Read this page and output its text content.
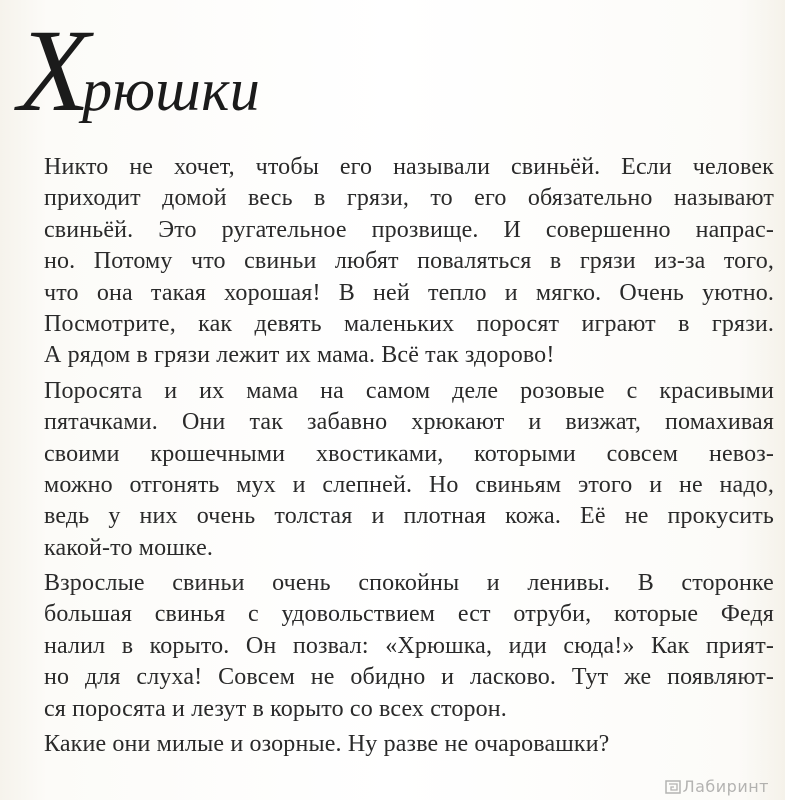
Хрюшки

Никто не хочет, чтобы его называли свиньёй. Если человек
приходит домой весь в грязи, то его обязательно называют
свиньёй. Это ругательное прозвище. И совершенно напрас-
но. Потому что свиньи любят поваляться в грязи из-за того,
что она такая хорошая! В ней тепло и мягко. Очень уютно.
Посмотрите, как девять маленьких поросят играют в грязи.
А рядом в грязи лежит их мама. Всё так здорово!

Поросята и их мама на самом деле розовые с красивыми
пятачками. Они так забавно хрюкают и визжат, помахивая
своими крошечными хвостиками, которыми совсем невоз-
можно отгонять мух и слепней. Но свиньям этого и не надо,
ведь у них очень толстая и плотная кожа. Её не прокусить
какой-то мошке.

Взрослые свиньи очень спокойны и ленивы. В сторонке
большая свинья с удовольствием ест отруби, которые Федя
налил в корыто. Он позвал: «Хрюшка, иди сюда!» Как прият-
но для слуха! Совсем не обидно и ласково. Тут же появляют-
ся поросята и лезут в корыто со всех сторон.

Какие они милые и озорные. Ну разве не очаровашки?

Лабиринт
